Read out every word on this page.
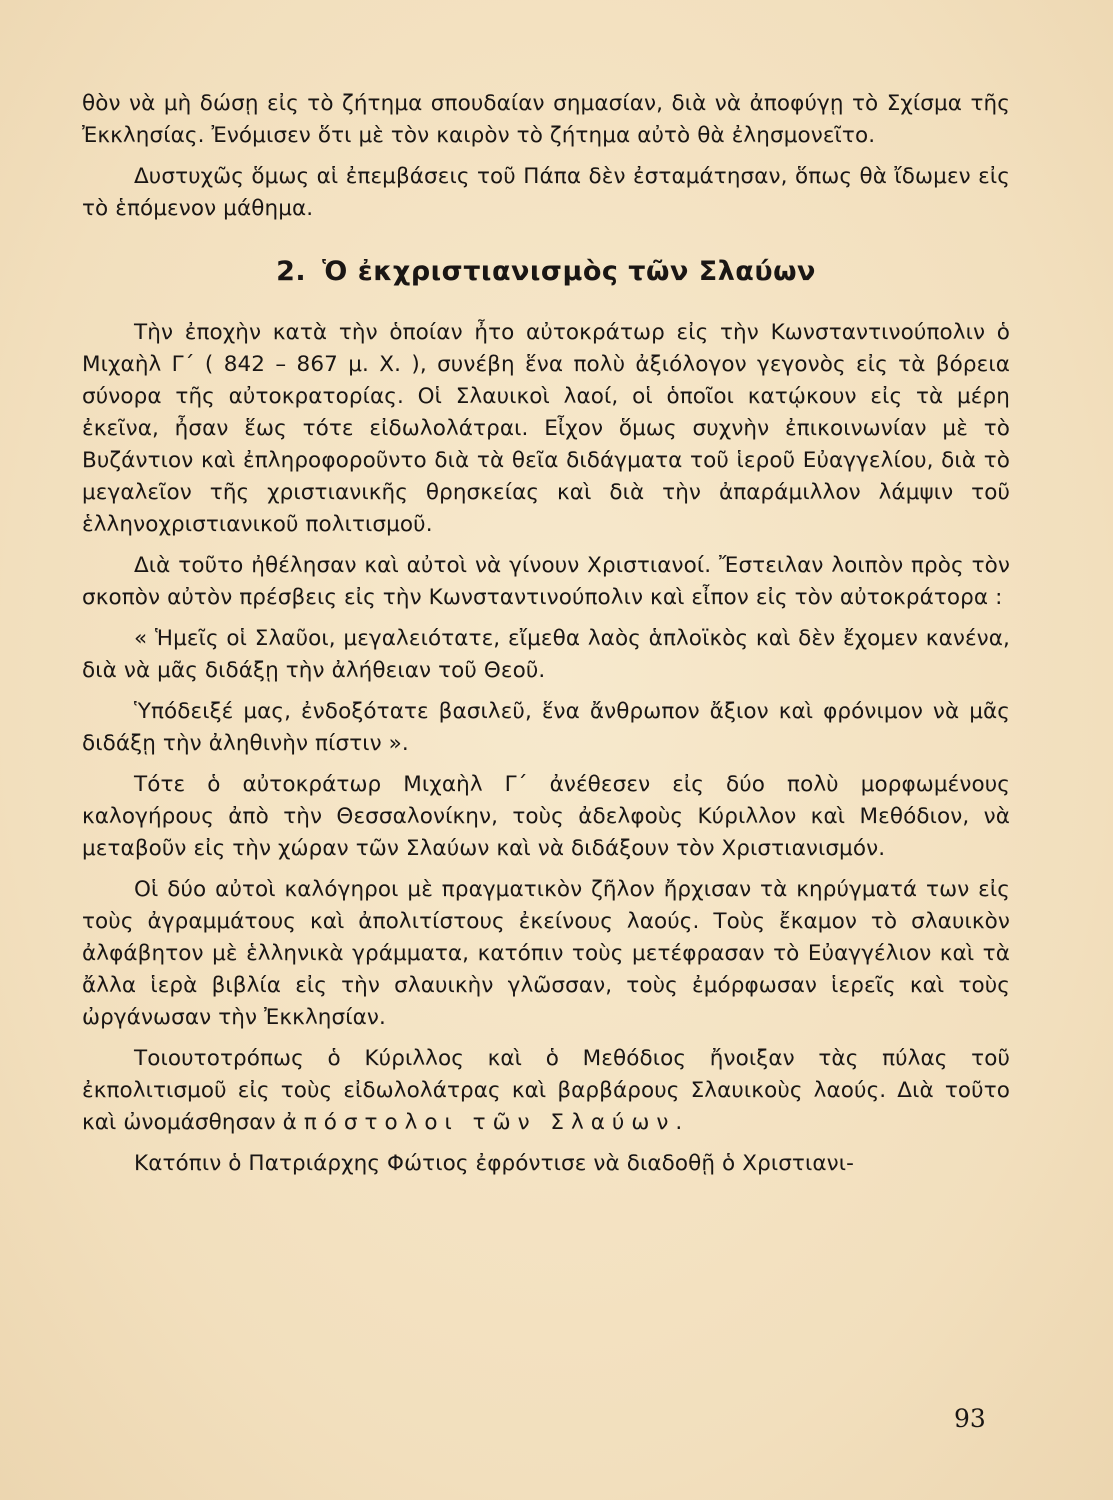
θὸν νὰ μὴ δώσῃ εἰς τὸ ζήτημα σπουδαίαν σημασίαν, διὰ νὰ ἀποφύγῃ τὸ Σχίσμα τῆς Ἐκκλησίας. Ἐνόμισεν ὅτι μὲ τὸν καιρὸν τὸ ζήτημα αὐτὸ θὰ ἐλησμονεῖτο.

Δυστυχῶς ὅμως αἱ ἐπεμβάσεις τοῦ Πάπα δὲν ἐσταμάτησαν, ὅπως θὰ ἴδωμεν εἰς τὸ ἑπόμενον μάθημα.

2. Ὁ ἐκχριστιανισμὸς τῶν Σλαύων

Τὴν ἐποχὴν κατὰ τὴν ὁποίαν ἦτο αὐτοκράτωρ εἰς τὴν Κωνσταντινούπολιν ὁ Μιχαὴλ Γ΄ ( 842 – 867 μ. Χ. ), συνέβη ἕνα πολὺ ἀξιόλογον γεγονὸς εἰς τὰ βόρεια σύνορα τῆς αὐτοκρατορίας. Οἱ Σλαυικοὶ λαοί, οἱ ὁποῖοι κατῴκουν εἰς τὰ μέρη ἐκεῖνα, ἦσαν ἕως τότε εἰδωλολάτραι. Εἶχον ὅμως συχνὴν ἐπικοινωνίαν μὲ τὸ Βυζάντιον καὶ ἐπληροφοροῦντο διὰ τὰ θεῖα διδάγματα τοῦ ἱεροῦ Εὐαγγελίου, διὰ τὸ μεγαλεῖον τῆς χριστιανικῆς θρησκείας καὶ διὰ τὴν ἀπαράμιλλον λάμψιν τοῦ ἑλληνοχριστιανικοῦ πολιτισμοῦ.

Διὰ τοῦτο ἠθέλησαν καὶ αὐτοὶ νὰ γίνουν Χριστιανοί. Ἔστειλαν λοιπὸν πρὸς τὸν σκοπὸν αὐτὸν πρέσβεις εἰς τὴν Κωνσταντινούπολιν καὶ εἶπον εἰς τὸν αὐτοκράτορα :

« Ἡμεῖς οἱ Σλαῦοι, μεγαλειότατε, εἴμεθα λαὸς ἁπλοϊκὸς καὶ δὲν ἔχομεν κανένα, διὰ νὰ μᾶς διδάξῃ τὴν ἀλήθειαν τοῦ Θεοῦ.

Ὑπόδειξέ μας, ἐνδοξότατε βασιλεῦ, ἕνα ἄνθρωπον ἄξιον καὶ φρόνιμον νὰ μᾶς διδάξῃ τὴν ἀληθινὴν πίστιν ».

Τότε ὁ αὐτοκράτωρ Μιχαὴλ Γ΄ ἀνέθεσεν εἰς δύο πολὺ μορφωμένους καλογήρους ἀπὸ τὴν Θεσσαλονίκην, τοὺς ἀδελφοὺς Κύριλλον καὶ Μεθόδιον, νὰ μεταβοῦν εἰς τὴν χώραν τῶν Σλαύων καὶ νὰ διδάξουν τὸν Χριστιανισμόν.

Οἱ δύο αὐτοὶ καλόγηροι μὲ πραγματικὸν ζῆλον ἤρχισαν τὰ κηρύγματά των εἰς τοὺς ἀγραμμάτους καὶ ἀπολιτίστους ἐκείνους λαούς. Τοὺς ἔκαμον τὸ σλαυικὸν ἀλφάβητον μὲ ἑλληνικὰ γράμματα, κατόπιν τοὺς μετέφρασαν τὸ Εὐαγγέλιον καὶ τὰ ἄλλα ἱερὰ βιβλία εἰς τὴν σλαυικὴν γλῶσσαν, τοὺς ἐμόρφωσαν ἱερεῖς καὶ τοὺς ὠργάνωσαν τὴν Ἐκκλησίαν.

Τοιουτοτρόπως ὁ Κύριλλος καὶ ὁ Μεθόδιος ἤνοιξαν τὰς πύλας τοῦ ἐκπολιτισμοῦ εἰς τοὺς εἰδωλολάτρας καὶ βαρβάρους Σλαυικοὺς λαούς. Διὰ τοῦτο καὶ ὠνομάσθησαν ἀπόστολοι τῶν Σλαύων.

Κατόπιν ὁ Πατριάρχης Φώτιος ἐφρόντισε νὰ διαδοθῇ ὁ Χριστιανι-

93
